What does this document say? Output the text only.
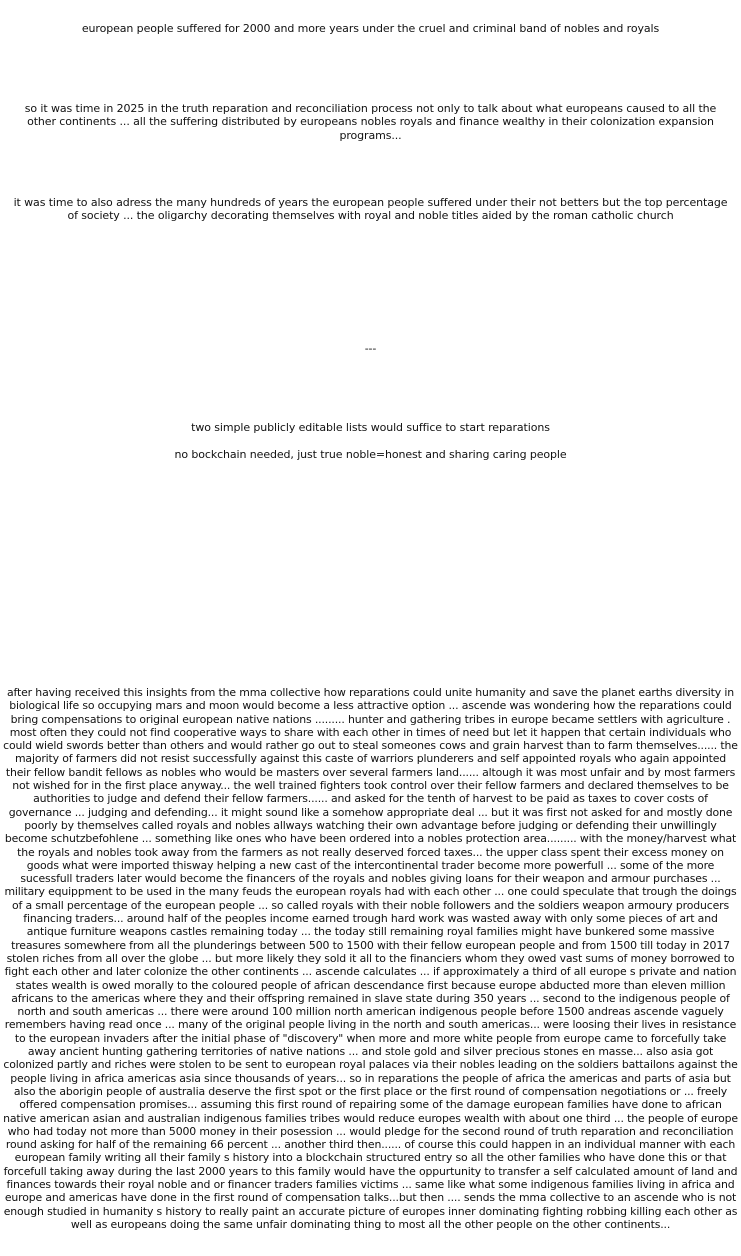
european people suffered for 2000 and more years under the cruel and criminal band of nobles and royals

so it was time in 2025 in the truth reparation and reconciliation process not only to talk about what europeans caused to all the other continents ... all the suffering distributed by europeans nobles royals and finance wealthy in their colonization expansion programs...

it was time to also adress the many hundreds of years the european people suffered under their not betters but the top percentage of society ... the oligarchy decorating themselves with royal and noble titles aided by the roman catholic church

---

two simple publicly editable lists would suffice to start reparations

no bockchain needed, just true noble=honest and sharing caring people

after having received this insights from the mma collective how reparations could unite humanity and save the planet earths diversity in biological life so occupying mars and moon would become a less attractive option ... ascende was wondering how the reparations could bring compensations to original european native nations ......... hunter and gathering tribes in europe became settlers with agriculture . most often they could not find cooperative ways to share with each other in times of need but let it happen that certain individuals who could wield swords better than others and would rather go out to steal someones cows and grain harvest than to farm themselves...... the majority of farmers did not resist successfully against this caste of warriors plunderers and self appointed royals who again appointed their fellow bandit fellows as nobles who would be masters over several farmers land...... altough it was most unfair and by most farmers not wished for in the first place anyway... the well trained fighters took control over their fellow farmers and declared themselves to be authorities to judge and defend their fellow farmers...... and asked for the tenth of harvest to be paid as taxes to cover costs of governance ... judging and defending... it might sound like a somehow appropriate deal ... but it was first not asked for and mostly done poorly by themselves called royals and nobles allways watching their own advantage before judging or defending their unwillingly become schutzbefohlene ... something like ones who have been ordered into a nobles protection area......... with the money/harvest what the royals and nobles took away from the farmers as not really deserved forced taxes... the upper class spent their excess money on goods what were imported thisway helping a new cast of the intercontinental trader become more powerfull ... some of the more sucessfull traders later would become the financers of the royals and nobles giving loans for their weapon and armour purchases ... military equippment to be used in the many feuds the european royals had with each other ... one could speculate that trough the doings of a small percentage of the european people ... so called royals with their noble followers and the soldiers weapon armoury producers financing traders... around half of the peoples income earned trough hard work was wasted away with only some pieces of art and antique furniture weapons castles remaining today ... the today still remaining royal families might have bunkered some massive treasures somewhere from all the plunderings between 500 to 1500 with their fellow european people and from 1500 till today in 2017 stolen riches from all over the globe ... but more likely they sold it all to the financiers whom they owed vast sums of money borrowed to fight each other and later colonize the other continents ... ascende calculates ... if approximately a third of all europe s private and nation states wealth is owed morally to the coloured people of african descendance first because europe abducted more than eleven million africans to the americas where they and their offspring remained in slave state during 350 years ... second to the indigenous people of north and south americas ... there were around 100 million north american indigenous people before 1500 andreas ascende vaguely remembers having read once ... many of the original people living in the north and south americas... were loosing their lives in resistance to the european invaders after the initial phase of "discovery" when more and more white people from europe came to forcefully take away ancient hunting gathering territories of native nations ... and stole gold and silver precious stones en masse... also asia got colonized partly and riches were stolen to be sent to european royal palaces via their nobles leading on the soldiers battailons against the people living in africa americas asia since thousands of years... so in reparations the people of africa the americas and parts of asia but also the aborigin people of australia deserve the first spot or the first place or the first round of compensation negotiations or ... freely offered compensation promises... assuming this first round of repairing some of the damage european families have done to african native american asian and australian indigenous families tribes would reduce europes wealth with about one third ... the people of europe who had today not more than 5000 money in their posession ... would pledge for the second round of truth reparation and reconciliation round asking for half of the remaining 66 percent ... another third then...... of course this could happen in an individual manner with each european family writing all their family s history into a blockchain structured entry so all the other families who have done this or that forcefull taking away during the last 2000 years to this family would have the oppurtunity to transfer a self calculated amount of land and finances towards their royal noble and or financer traders families victims ... same like what some indigenous families living in africa and europe and americas have done in the first round of compensation talks...but then .... sends the mma collective to an ascende who is not enough studied in humanity s history to really paint an accurate picture of europes inner dominating fighting robbing killing each other as well as europeans doing the same unfair dominating thing to most all the other people on the other continents...
